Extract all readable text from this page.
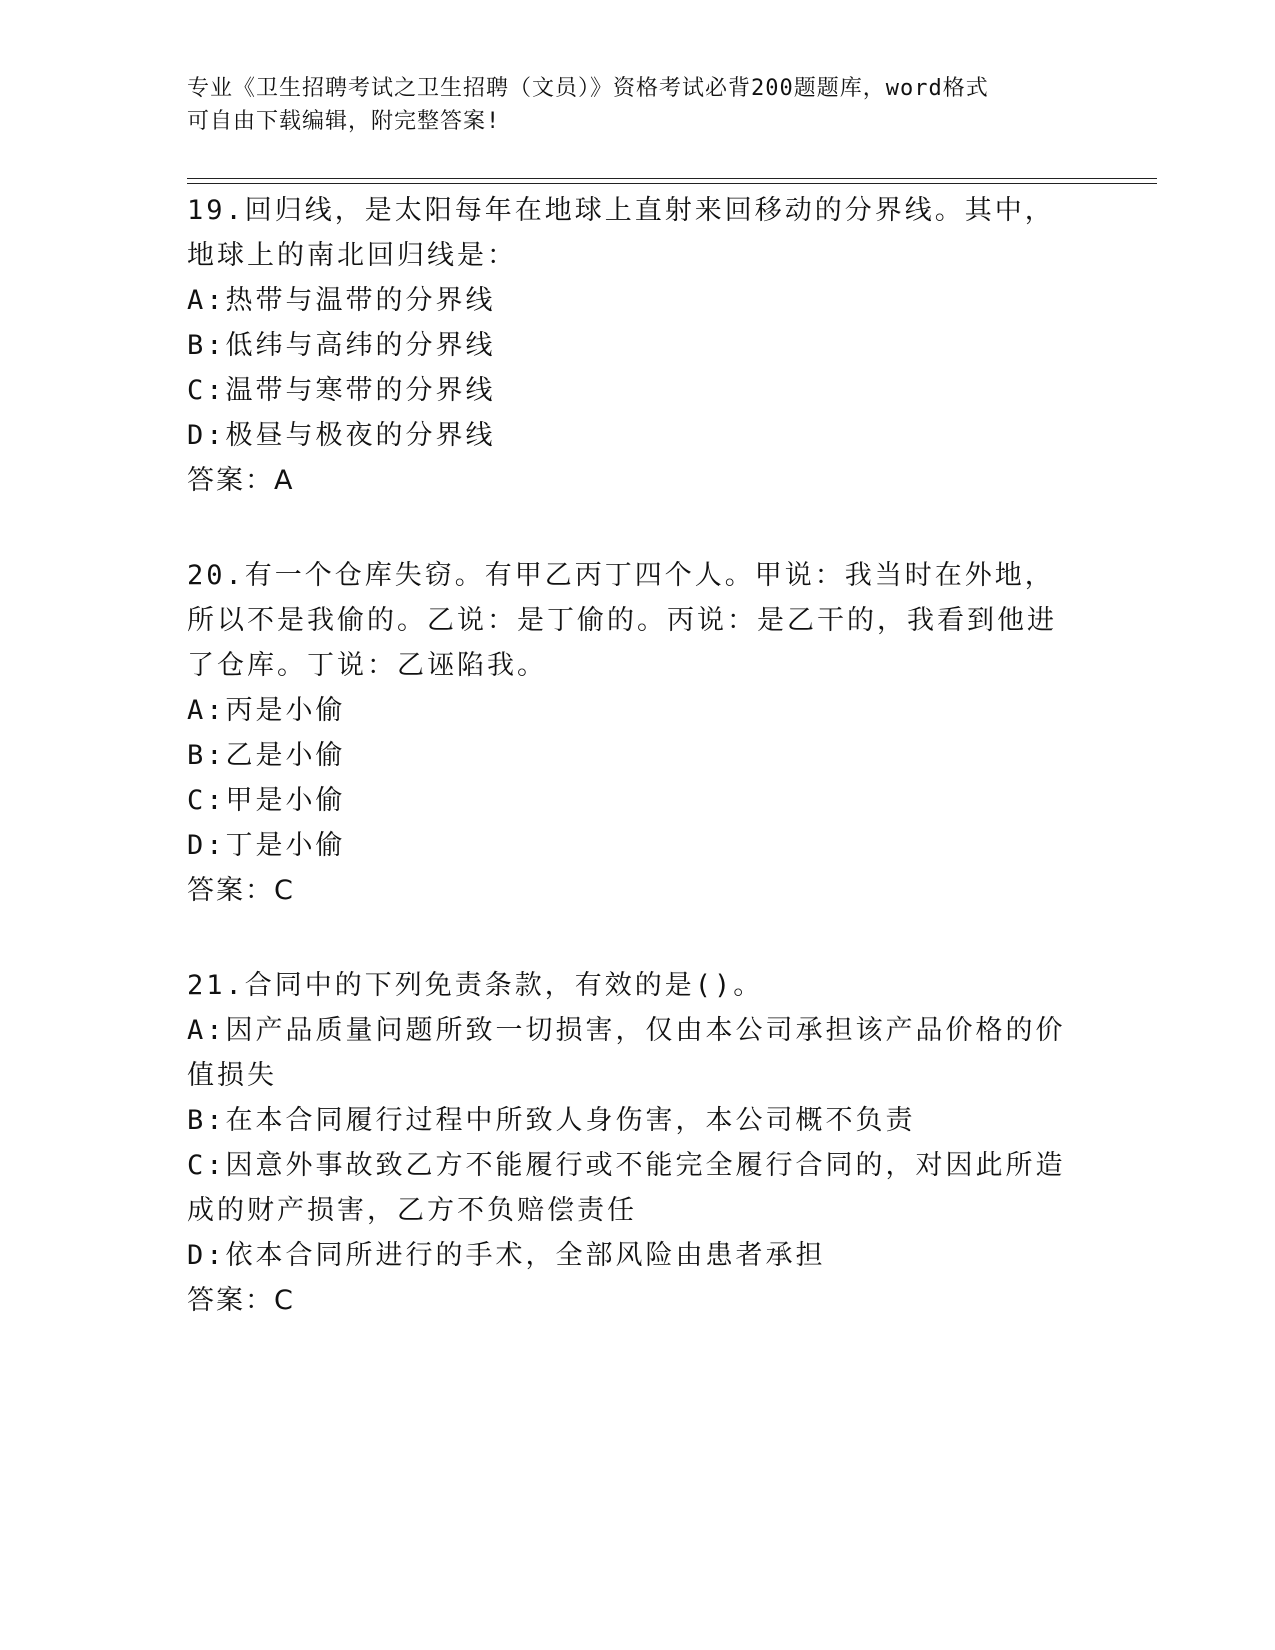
专业《卫生招聘考试之卫生招聘（文员）》资格考试必背200题题库，word格式
可自由下载编辑，附完整答案!

19.回归线，是太阳每年在地球上直射来回移动的分界线。其中，地球上的南北回归线是：

A:热带与温带的分界线

B:低纬与高纬的分界线

C:温带与寒带的分界线

D:极昼与极夜的分界线

答案：A

20.有一个仓库失窃。有甲乙丙丁四个人。甲说：我当时在外地，所以不是我偷的。乙说：是丁偷的。丙说：是乙干的，我看到他进了仓库。丁说：乙诬陷我。

A:丙是小偷

B:乙是小偷

C:甲是小偷

D:丁是小偷

答案：C

21.合同中的下列免责条款，有效的是()。

A:因产品质量问题所致一切损害，仅由本公司承担该产品价格的价值损失

B:在本合同履行过程中所致人身伤害，本公司概不负责

C:因意外事故致乙方不能履行或不能完全履行合同的，对因此所造成的财产损害，乙方不负赔偿责任

D:依本合同所进行的手术，全部风险由患者承担

答案：C
